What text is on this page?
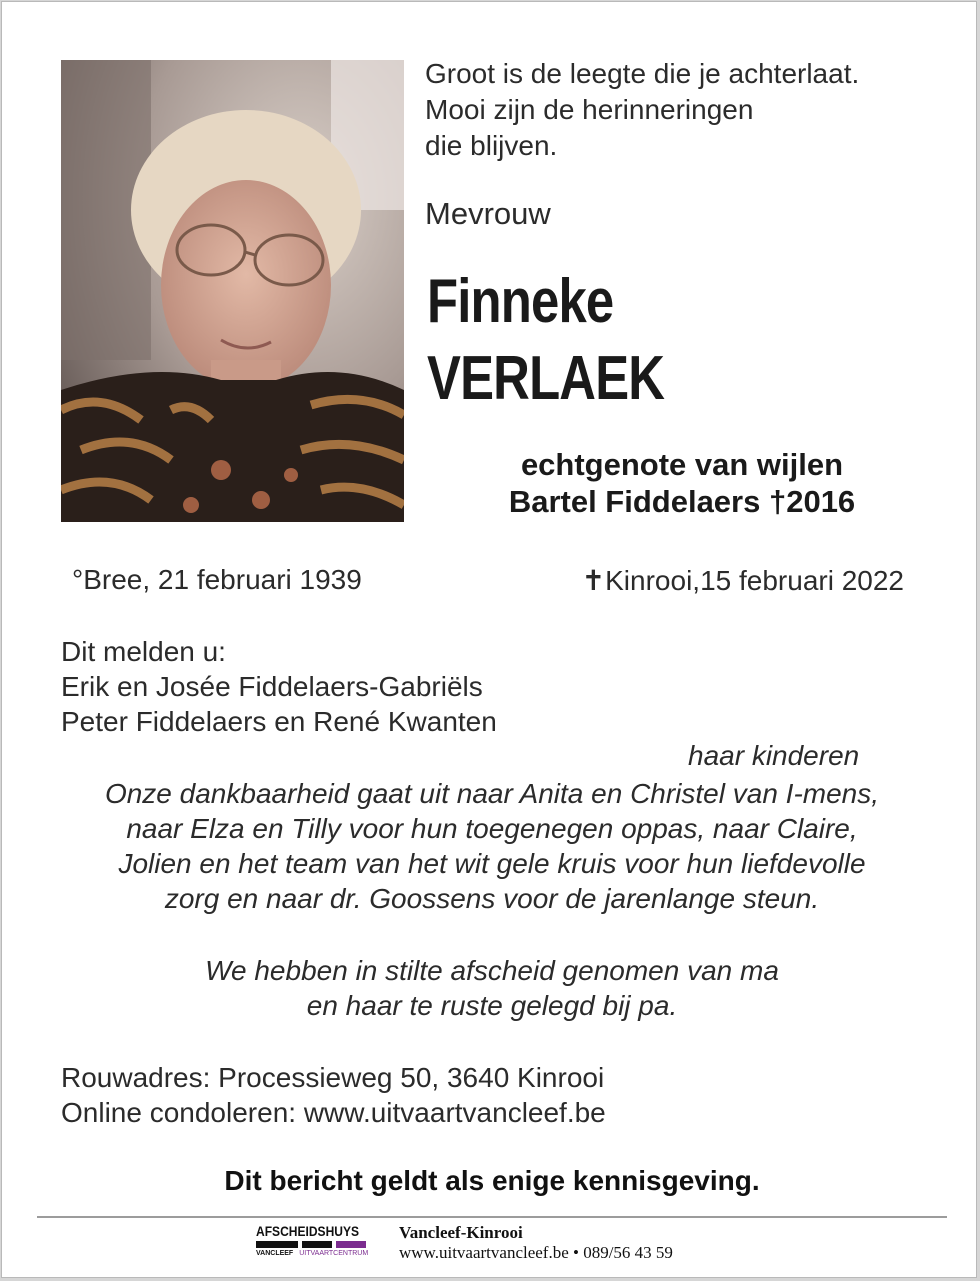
Groot is de leegte die je achterlaat.
Mooi zijn de herinneringen
die blijven.
Mevrouw
Finneke
VERLAEK
echtgenote van wijlen
Bartel Fiddelaers †2016
°Bree, 21 februari 1939	✝Kinrooi,15 februari 2022
Dit melden u:
Erik en Josée Fiddelaers-Gabriëls
Peter Fiddelaers en René Kwanten
haar kinderen
Onze dankbaarheid gaat uit naar Anita en Christel van I-mens,
naar Elza en Tilly voor hun toegenegen oppas, naar Claire,
Jolien en het team van het wit gele kruis voor hun liefdevolle
zorg en naar dr. Goossens voor de jarenlange steun.
We hebben in stilte afscheid genomen van ma
en haar te ruste gelegd bij pa.
Rouwadres: Processieweg 50, 3640 Kinrooi
Online condoleren: www.uitvaartvancleef.be
Dit bericht geldt als enige kennisgeving.
AFSCHEIDSHUYS
VANCLEEF UITVAARTCENTRUM
Vancleef-Kinrooi
www.uitvaartvancleef.be • 089/56 43 59
